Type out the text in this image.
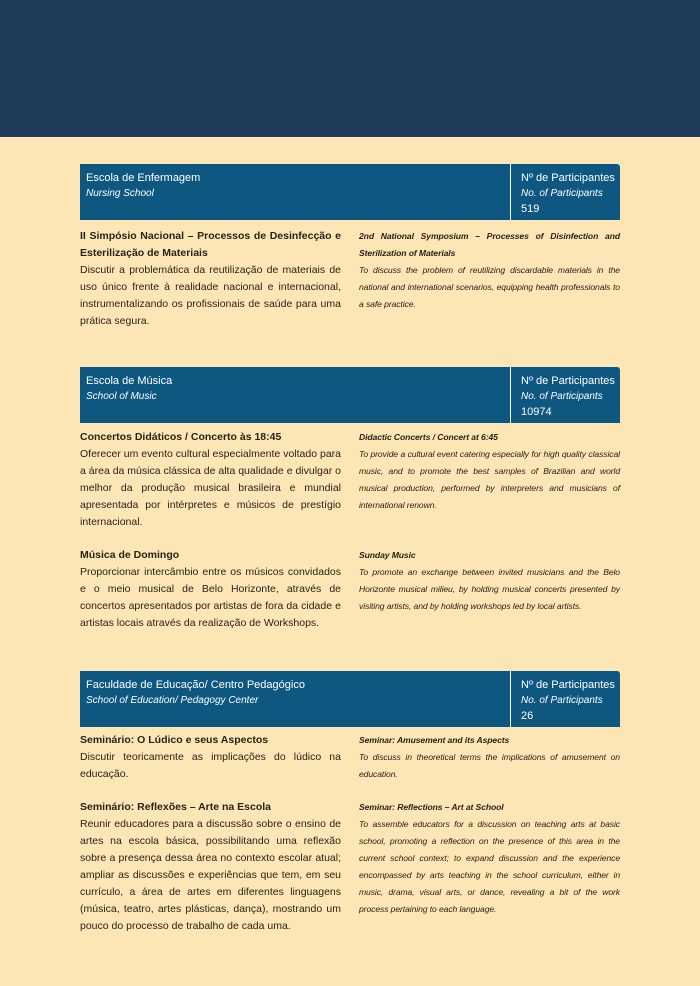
Escola de Enfermagem
Nursing School
Nº de Participantes
No. of Participants
519
II Simpósio Nacional – Processos de Desinfecção e Esterilização de Materiais
Discutir a problemática da reutilização de materiais de uso único frente à realidade nacional e internacional, instrumentalizando os profissionais de saúde para uma prática segura.
2nd National Symposium – Processes of Disinfection and Sterilization of Materials
To discuss the problem of reutilizing discardable materials in the national and international scenarios, equipping health professionals to a safe practice.
Escola de Música
School of Music
Nº de Participantes
No. of Participants
10974
Concertos Didáticos / Concerto às 18:45
Oferecer um evento cultural especialmente voltado para a área da música clássica de alta qualidade e divulgar o melhor da produção musical brasileira e mundial apresentada por intérpretes e músicos de prestígio internacional.
Didactic Concerts / Concert at 6:45
To provide a cultural event catering especially for high quality classical music, and to promote the best samples of Brazilian and world musical production, performed by interpreters and musicians of international renown.
Música de Domingo
Proporcionar intercâmbio entre os músicos convidados e o meio musical de Belo Horizonte, através de concertos apresentados por artistas de fora da cidade e artistas locais através da realização de Workshops.
Sunday Music
To promote an exchange between invited musicians and the Belo Horizonte musical milieu, by holding musical concerts presented by visiting artists, and by holding workshops led by local artists.
Faculdade de Educação/ Centro Pedagógico
School of Education/ Pedagogy Center
Nº de Participantes
No. of Participants
26
Seminário: O Lúdico e seus Aspectos
Discutir teoricamente as implicações do lúdico na educação.
Seminar: Amusement and its Aspects
To discuss in theoretical terms the implications of amusement on education.
Seminário: Reflexões – Arte na Escola
Reunir educadores para a discussão sobre o ensino de artes na escola básica, possibilitando uma reflexão sobre a presença dessa área no contexto escolar atual; ampliar as discussões e experiências que tem, em seu currículo, a área de artes em diferentes linguagens (música, teatro, artes plásticas, dança), mostrando um pouco do processo de trabalho de cada uma.
Seminar: Reflections – Art at School
To assemble educators for a discussion on teaching arts at basic school, promoting a reflection on the presence of this area in the current school context; to expand discussion and the experience encompassed by arts teaching in the school curriculum, either in music, drama, visual arts, or dance, revealing a bit of the work process pertaining to each language.
